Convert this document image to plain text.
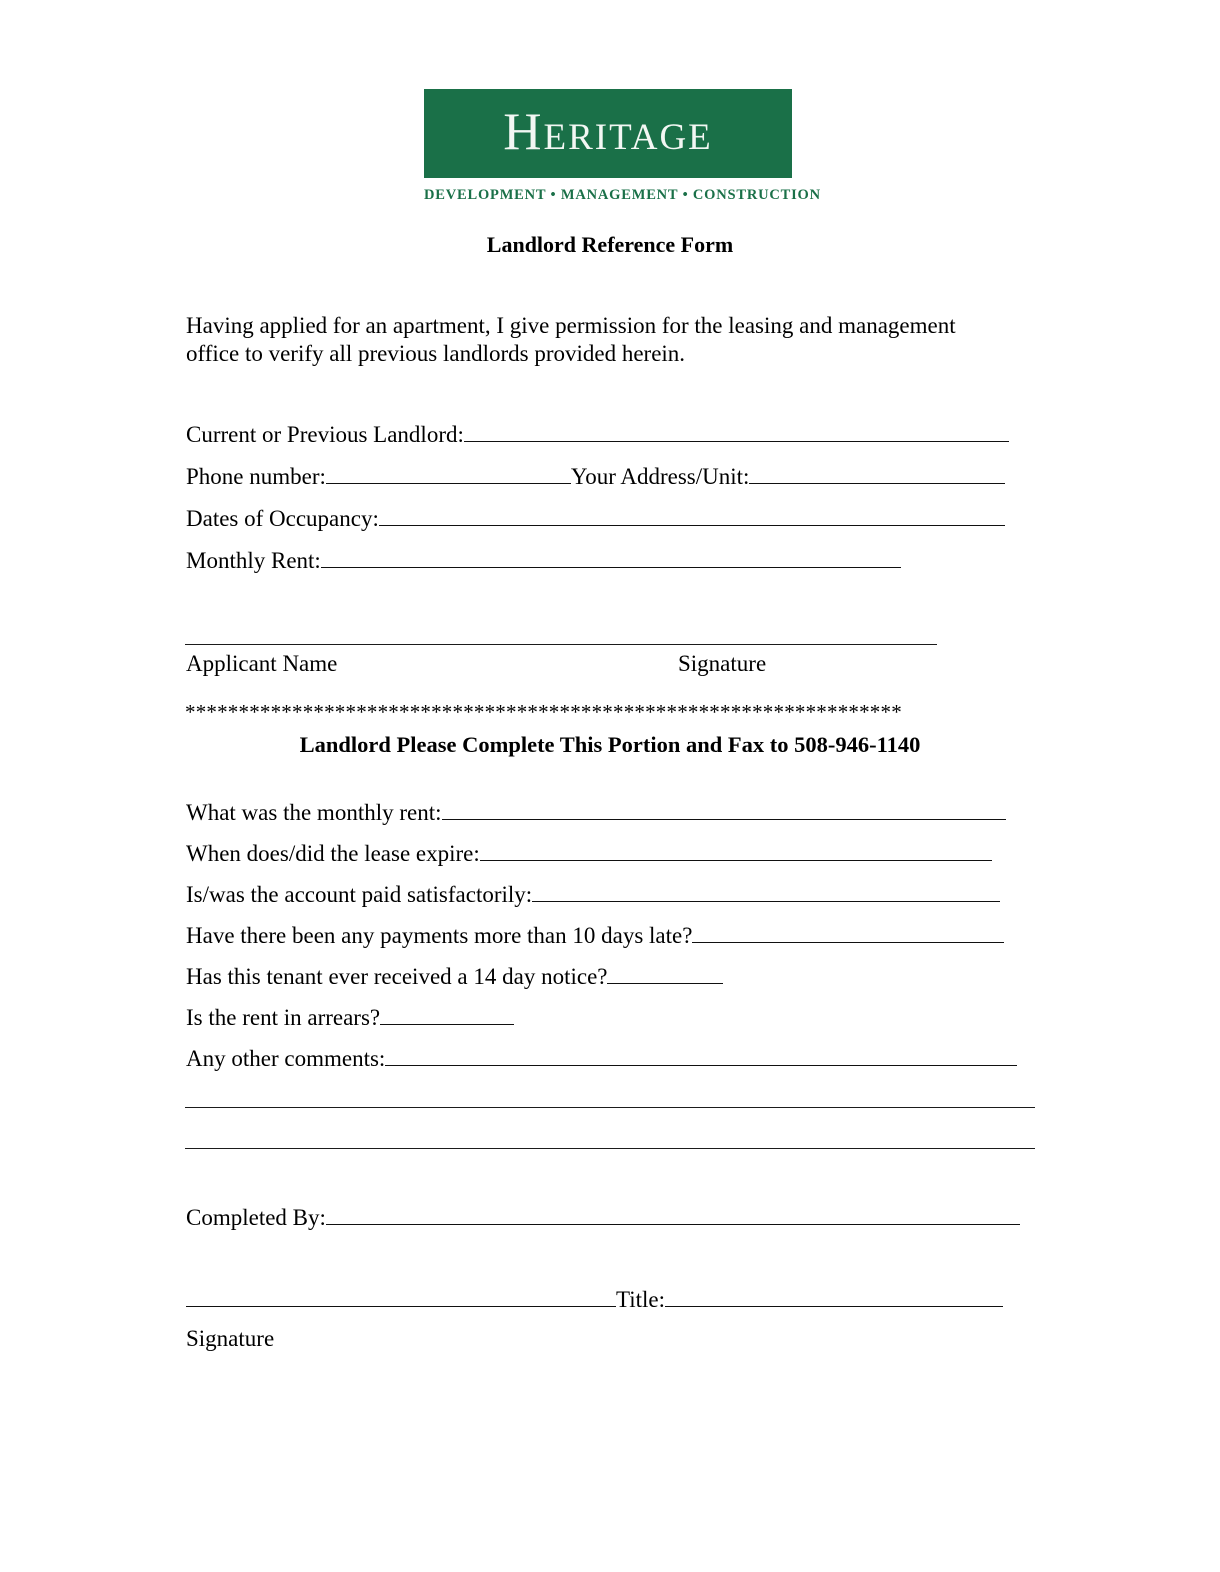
Heritage
DEVELOPMENT • MANAGEMENT • CONSTRUCTION
Landlord Reference Form
Having applied for an apartment, I give permission for the leasing and management office to verify all previous landlords provided herein.
Current or Previous Landlord:
Phone number:	Your Address/Unit:
Dates of Occupancy:
Monthly Rent:
Applicant Name	Signature
*******************************************************************
Landlord Please Complete This Portion and Fax to 508-946-1140
What was the monthly rent:
When does/did the lease expire:
Is/was the account paid satisfactorily:
Have there been any payments more than 10 days late?
Has this tenant ever received a 14 day notice?
Is the rent in arrears?
Any other comments:
Completed By:
Title:
Signature
